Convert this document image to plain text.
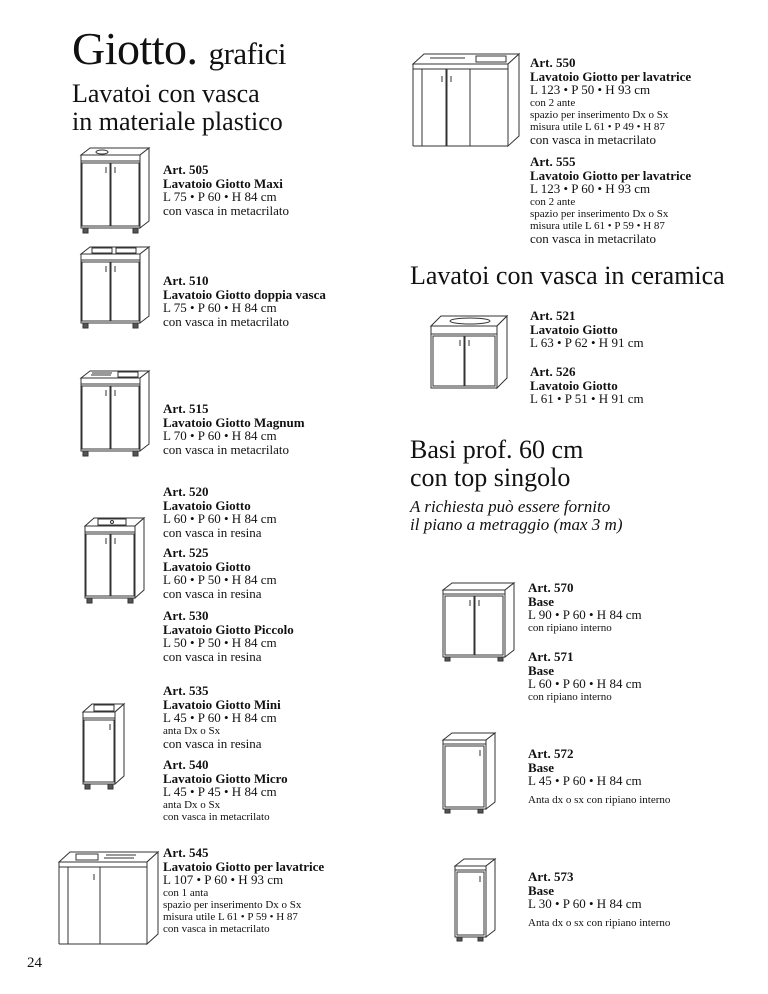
Giotto. grafici
Lavatoi con vasca
in materiale plastico
Lavatoi con vasca in ceramica
Basi prof. 60 cm
con top singolo
A richiesta può essere fornito
il piano a metraggio (max 3 m)
Art. 505
Lavatoio Giotto Maxi
L 75 • P 60 • H 84 cm
con vasca in metacrilato
Art. 510
Lavatoio Giotto doppia vasca
L 75 • P 60 • H 84 cm
con vasca in metacrilato
Art. 515
Lavatoio Giotto Magnum
L 70 • P 60 • H 84 cm
con vasca in metacrilato
Art. 520
Lavatoio Giotto
L 60 • P 60 • H 84 cm
con vasca in resina
Art. 525
Lavatoio Giotto
L 60 • P 50 • H 84 cm
con vasca in resina
Art. 530
Lavatoio Giotto Piccolo
L 50 • P 50 • H 84 cm
con vasca in resina
Art. 535
Lavatoio Giotto Mini
L 45 • P 60 • H 84 cm
anta Dx o Sx
con vasca in resina
Art. 540
Lavatoio Giotto Micro
L 45 • P 45 • H 84 cm
anta Dx o Sx
con vasca in metacrilato
Art. 545
Lavatoio Giotto per lavatrice
L 107 • P 60 • H 93 cm
con 1 anta
spazio per inserimento Dx o Sx
misura utile L 61 • P 59 • H 87
con vasca in metacrilato
Art. 550
Lavatoio Giotto per lavatrice
L 123 • P 50 • H 93 cm
con 2 ante
spazio per inserimento Dx o Sx
misura utile L 61 • P 49 • H 87
con vasca in metacrilato
Art. 555
Lavatoio Giotto per lavatrice
L 123 • P 60 • H 93 cm
con 2 ante
spazio per inserimento Dx o Sx
misura utile L 61 • P 59 • H 87
con vasca in metacrilato
Art. 521
Lavatoio Giotto
L 63 • P 62 • H 91 cm
Art. 526
Lavatoio Giotto
L 61 • P 51 • H 91 cm
Art. 570
Base
L 90 • P 60 • H 84 cm
con ripiano interno
Art. 571
Base
L 60 • P 60 • H 84 cm
con ripiano interno
Art. 572
Base
L 45 • P 60 • H 84 cm
Anta dx o sx con ripiano interno
Art. 573
Base
L 30 • P 60 • H 84 cm
Anta dx o sx con ripiano interno
24
